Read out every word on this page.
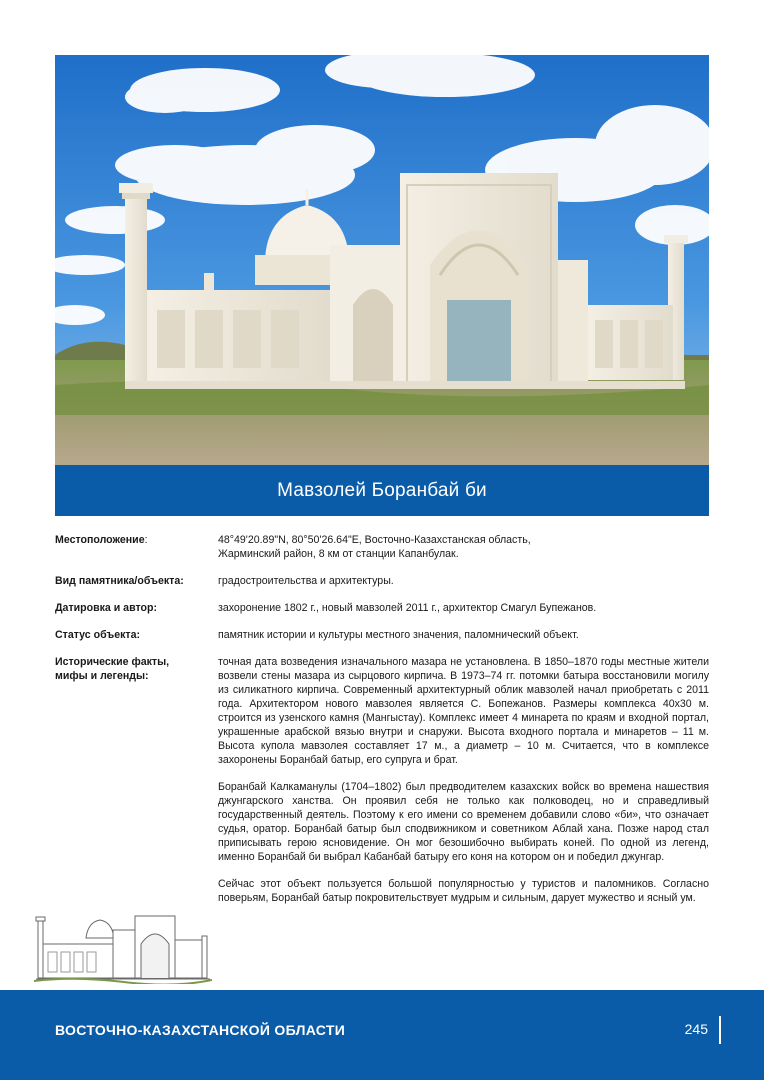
Мавзолей Боранбай би
Местоположение:	48°49'20.89"N, 80°50'26.64"E, Восточно-Казахстанская область,
Жарминский район, 8 км от станции Капанбулак.
Вид памятника/объекта:	градостроительства и архитектуры.
Датировка и автор:	захоронение 1802 г., новый мавзолей 2011 г., архитектор Смагул Бупежанов.
Статус объекта:	памятник истории и культуры местного значения, паломнический объект.
Исторические факты,
мифы и легенды:

точная дата возведения изначального мазара не установлена. В 1850–1870 годы местные жители возвели стены мазара из сырцового кирпича. В 1973–74 гг. потомки батыра восстановили могилу из силикатного кирпича. Современный архитектурный облик мавзолей начал приобретать с 2011 года. Архитектором нового мавзолея является С. Бопежанов. Размеры комплекса 40х30 м. строится из узенского камня (Мангыстау). Комплекс имеет 4 минарета по краям и входной портал, украшенные арабской вязью внутри и снаружи. Высота входного портала и минаретов – 11 м. Высота купола мавзолея составляет 17 м., а диаметр – 10 м. Считается, что в комплексе захоронены Боранбай батыр, его супруга и брат.

Боранбай Калкаманулы (1704–1802) был предводителем казахских войск во времена нашествия джунгарского ханства. Он проявил себя не только как полководец, но и справедливый государственный деятель. Поэтому к его имени со временем добавили слово «би», что означает судья, оратор. Боранбай батыр был сподвижником и советником Аблай хана. Позже народ стал приписывать герою ясновидение. Он мог безошибочно выбирать коней. По одной из легенд, именно Боранбай би выбрал Кабанбай батыру его коня на котором он и победил джунгар.

Сейчас этот объект пользуется большой популярностью у туристов и паломников. Согласно поверьям, Боранбай батыр покровительствует мудрым и сильным, дарует мужество и ясный ум.

ВОСТОЧНО-КАЗАХСТАНСКОЙ ОБЛАСТИ	245
